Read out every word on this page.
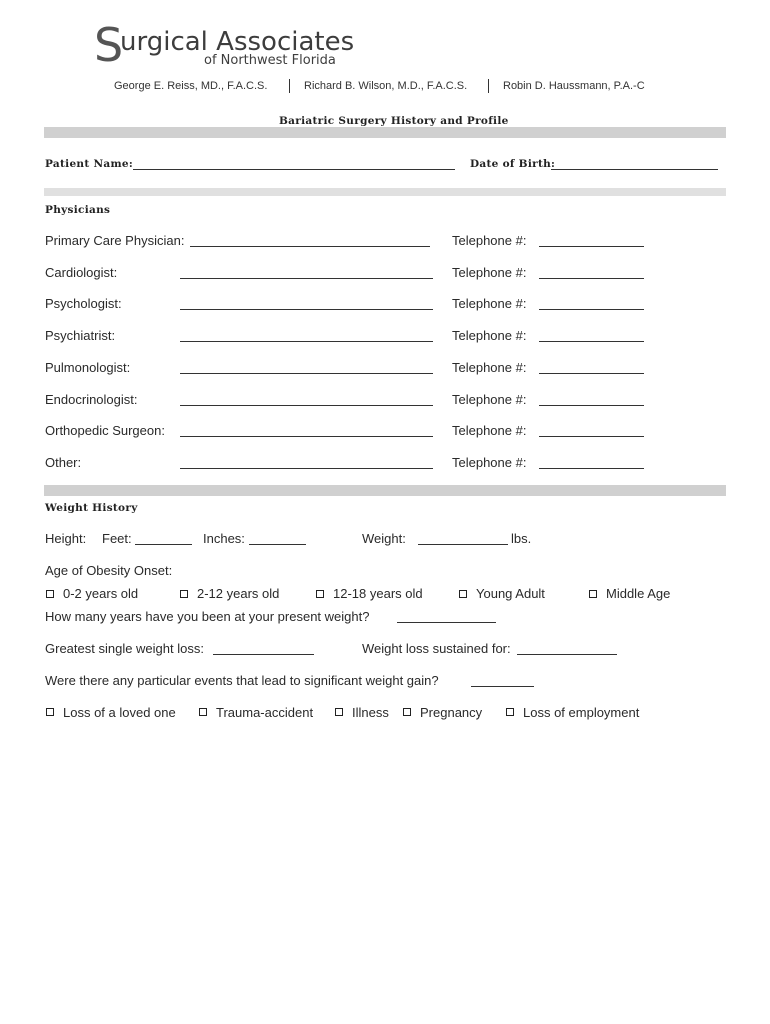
S
urgical Associates
of Northwest Florida
George E. Reiss, MD., F.A.C.S.	Richard B. Wilson, M.D., F.A.C.S.	Robin D. Haussmann, P.A.-C
Bariatric Surgery History and Profile
Patient Name:	Date of Birth:
Physicians
Primary Care Physician:	Telephone #:
Cardiologist:	Telephone #:
Psychologist:	Telephone #:
Psychiatrist:	Telephone #:
Pulmonologist:	Telephone #:
Endocrinologist:	Telephone #:
Orthopedic Surgeon:	Telephone #:
Other:	Telephone #:
Weight History
Height: Feet:	Inches:	Weight:	lbs.
Age of Obesity Onset:
0-2 years old	2-12 years old	12-18 years old	Young Adult	Middle Age
How many years have you been at your present weight?
Greatest single weight loss:	Weight loss sustained for:
Were there any particular events that lead to significant weight gain?
Loss of a loved one	Trauma-accident	Illness Pregnancy	Loss of employment
